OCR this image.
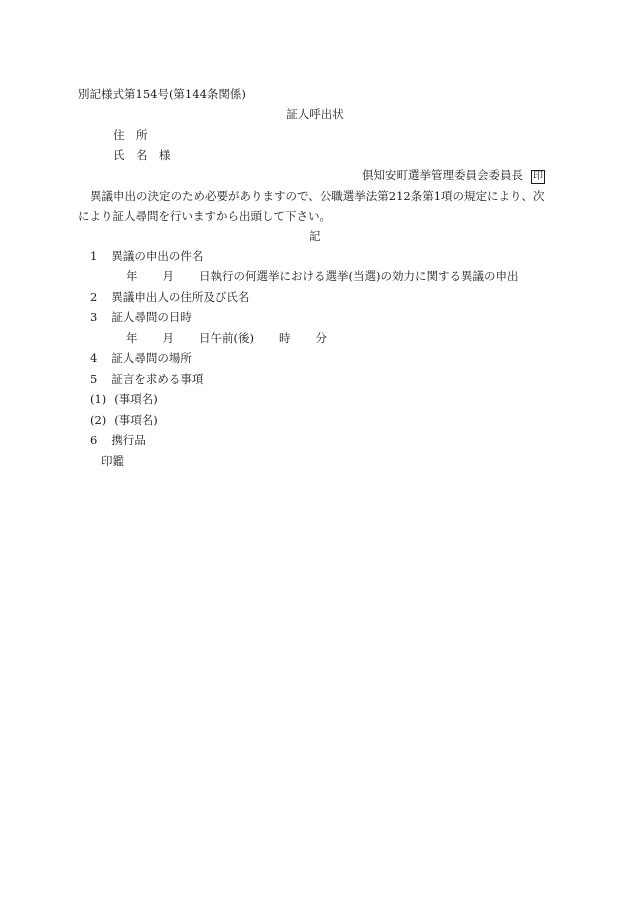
別記様式第154号(第144条関係)
証人呼出状
住　所
氏　名　様
倶知安町選挙管理委員会委員長 印
異議申出の決定のため必要がありますので、公職選挙法第212条第1項の規定により、次
により証人尋問を行いますから出頭して下さい。
記
1 異議の申出の件名
年 月 日執行の何選挙における選挙(当選)の効力に関する異議の申出
2 異議申出人の住所及び氏名
3 証人尋問の日時
年 月 日午前(後) 時 分
4 証人尋問の場所
5 証言を求める事項
(1) (事項名)
(2) (事項名)
6 携行品
印鑑
